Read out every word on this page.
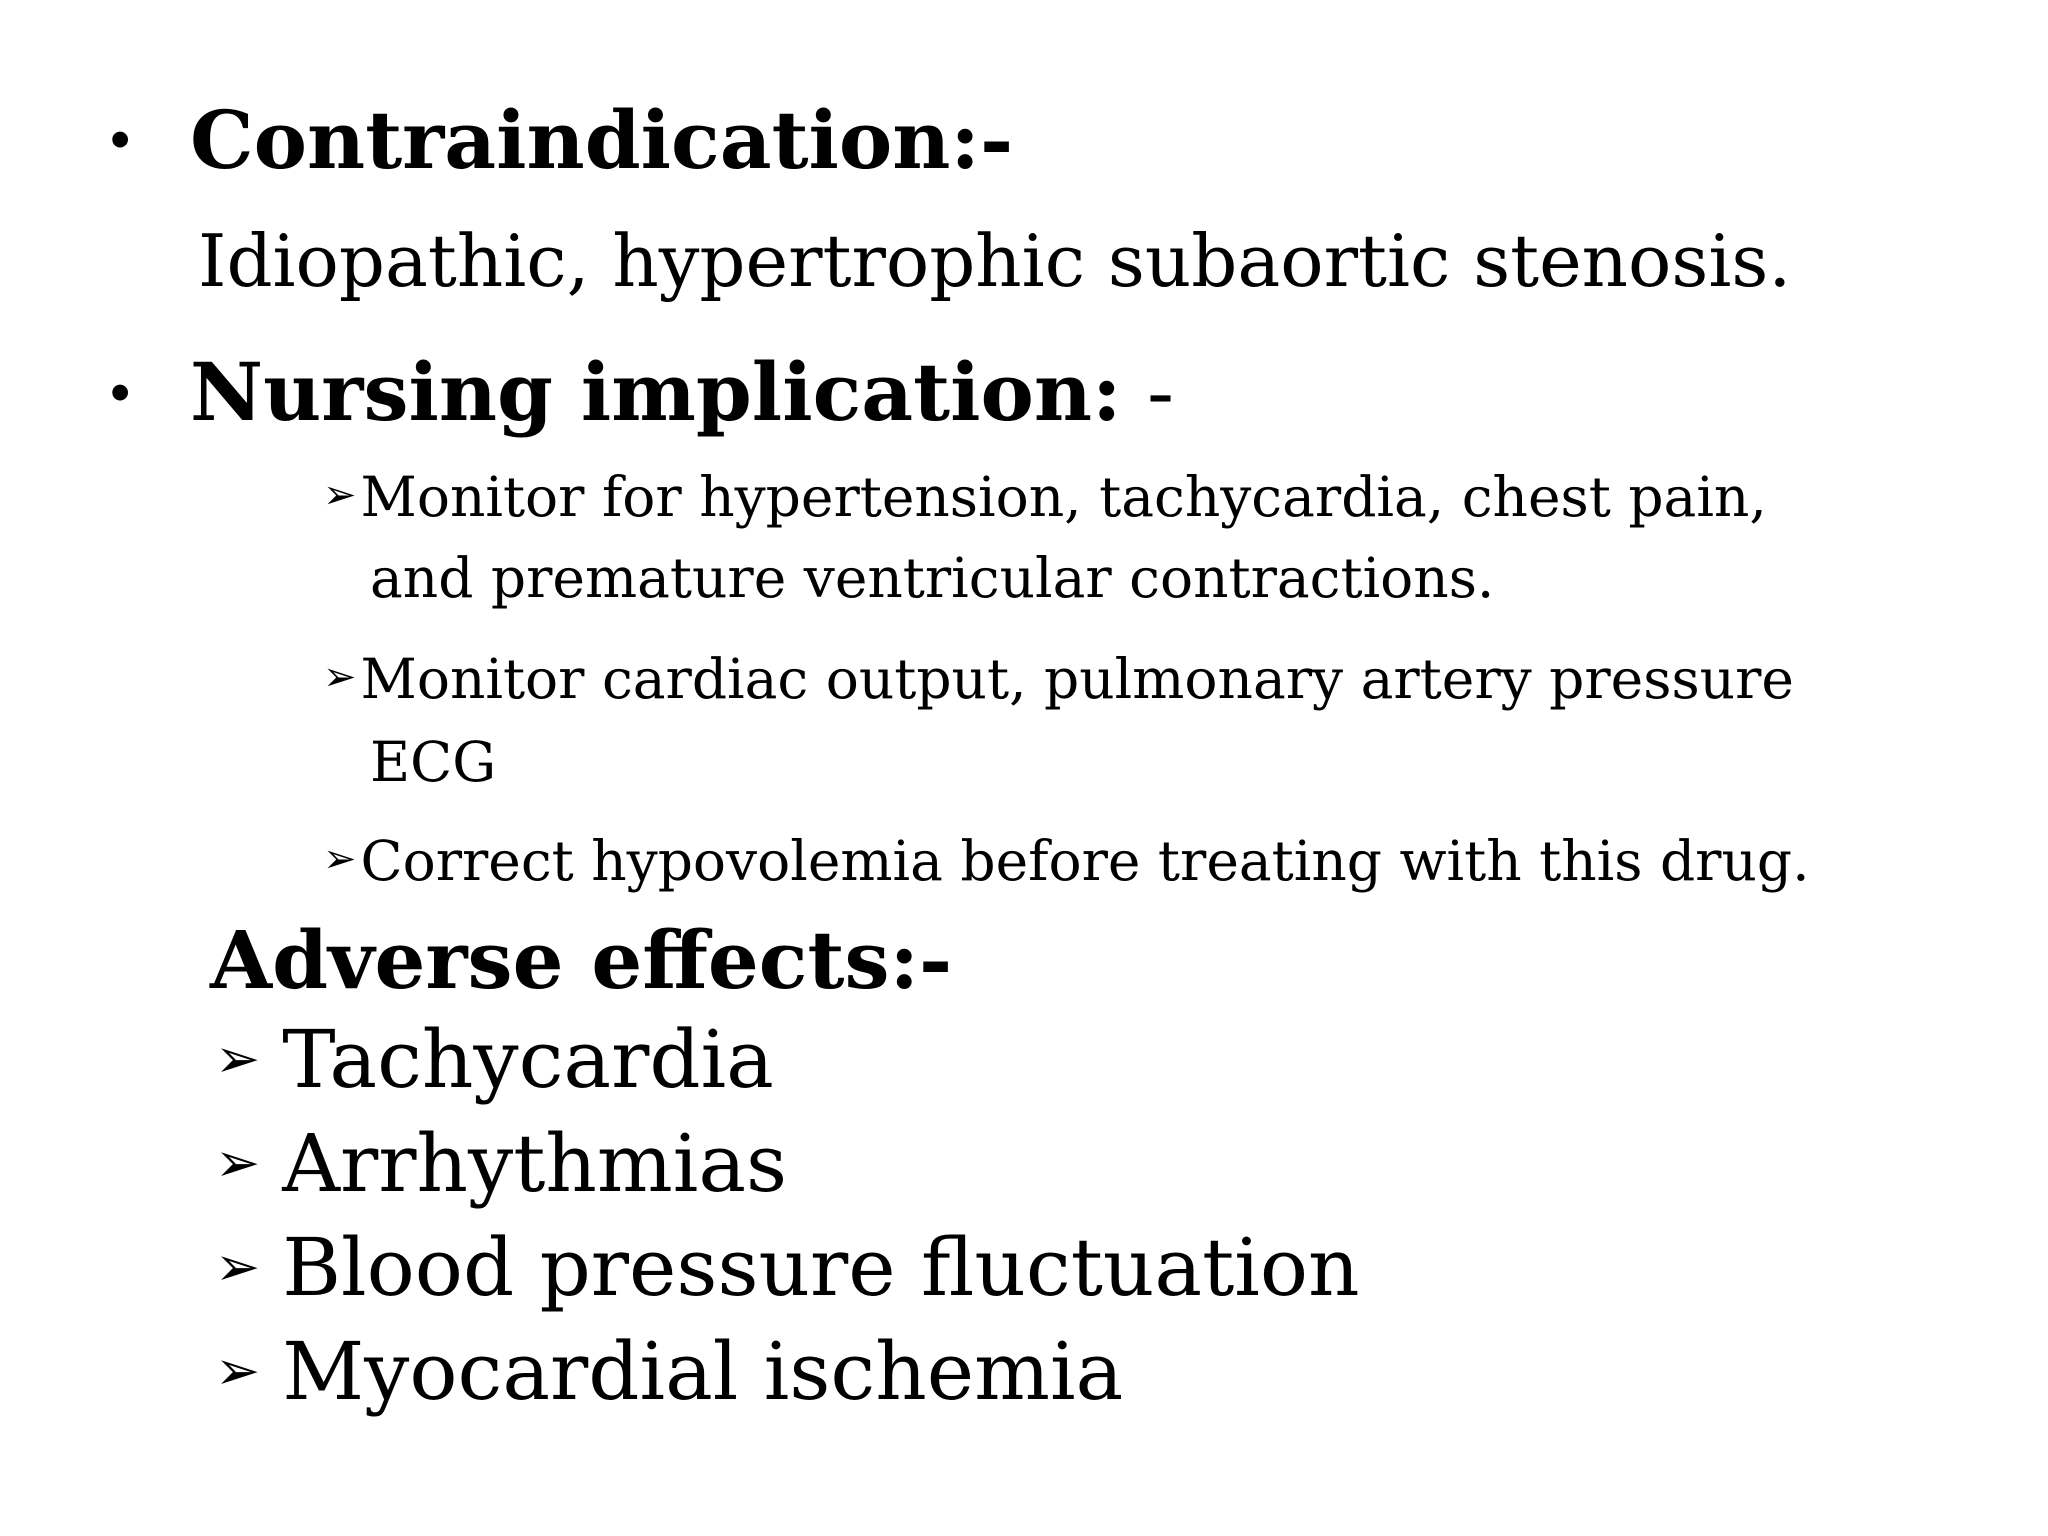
• Contraindication:-
Idiopathic, hypertrophic subaortic stenosis.
• Nursing implication: -
➢Monitor for hypertension, tachycardia, chest pain,
and premature ventricular contractions.
➢Monitor cardiac output, pulmonary artery pressure
ECG
➢Correct hypovolemia before treating with this drug.
Adverse effects:-
➢ Tachycardia
➢ Arrhythmias
➢ Blood pressure fluctuation
➢ Myocardial ischemia
